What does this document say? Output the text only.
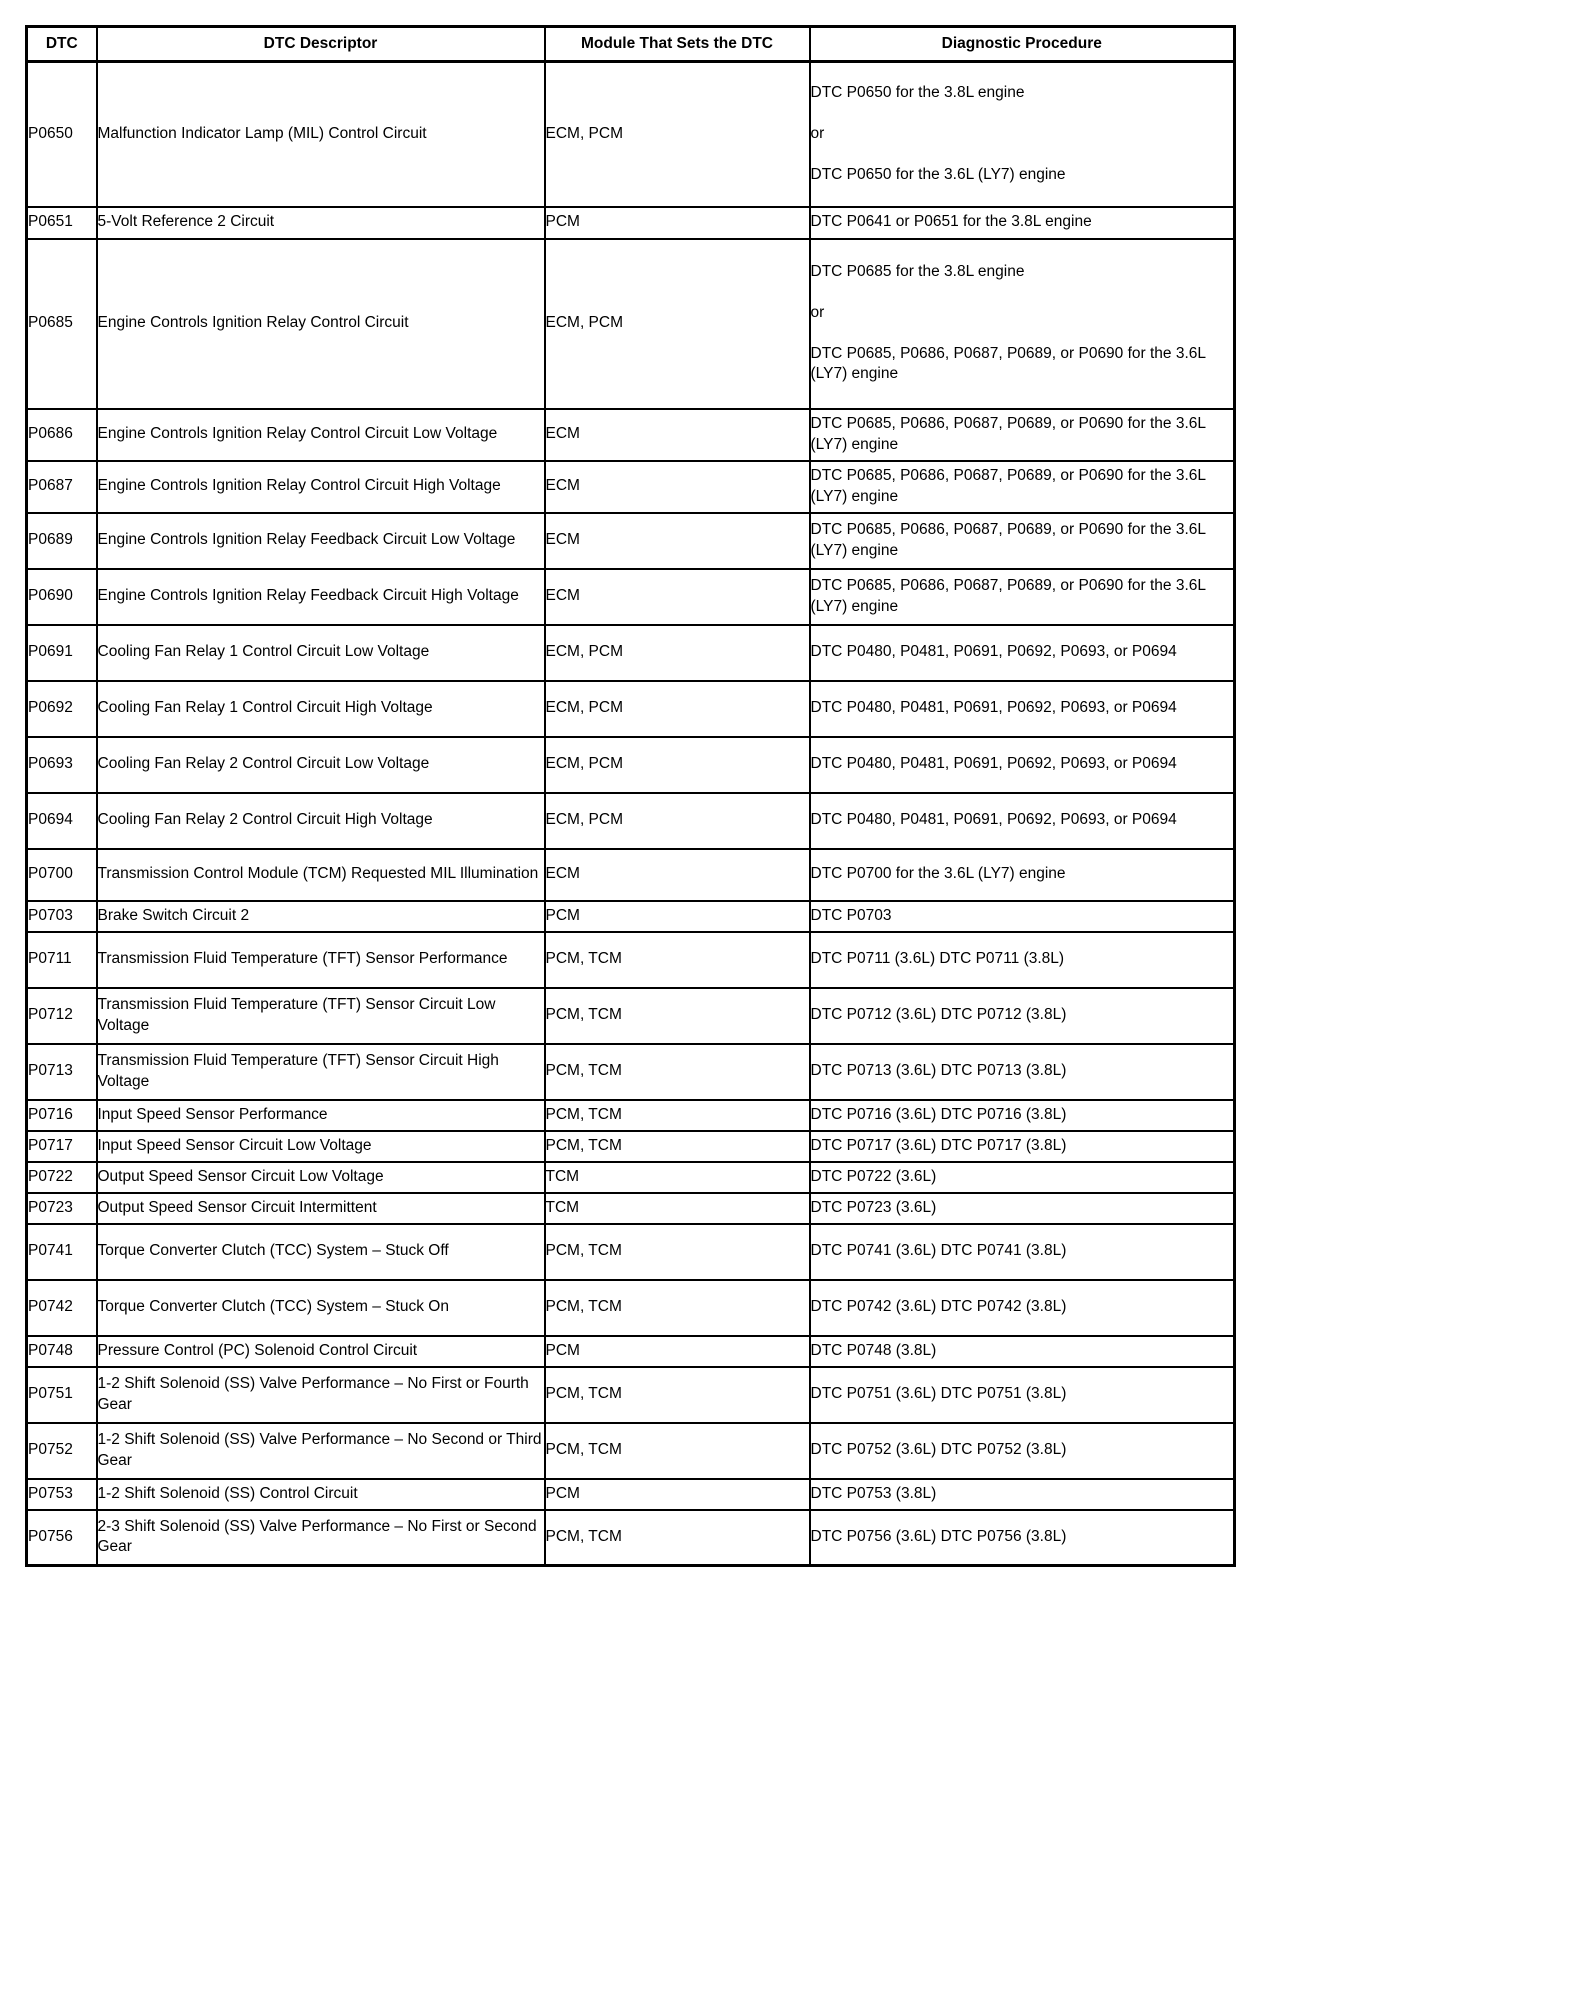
DTC	DTC Descriptor	Module That Sets the DTC	Diagnostic Procedure
P0650	Malfunction Indicator Lamp (MIL) Control Circuit	ECM, PCM	DTC P0650 for the 3.8L engine
or
DTC P0650 for the 3.6L (LY7) engine

P0651	5-Volt Reference 2 Circuit	PCM	DTC P0641 or P0651 for the 3.8L engine
P0685	Engine Controls Ignition Relay Control Circuit	ECM, PCM	DTC P0685 for the 3.8L engine
or
DTC P0685, P0686, P0687, P0689, or P0690 for the 3.6L (LY7) engine

P0686	Engine Controls Ignition Relay Control Circuit Low Voltage	ECM	DTC P0685, P0686, P0687, P0689, or P0690 for the 3.6L (LY7) engine
P0687	Engine Controls Ignition Relay Control Circuit High Voltage	ECM	DTC P0685, P0686, P0687, P0689, or P0690 for the 3.6L (LY7) engine
P0689	Engine Controls Ignition Relay Feedback Circuit Low Voltage	ECM	DTC P0685, P0686, P0687, P0689, or P0690 for the 3.6L (LY7) engine
P0690	Engine Controls Ignition Relay Feedback Circuit High Voltage	ECM	DTC P0685, P0686, P0687, P0689, or P0690 for the 3.6L (LY7) engine
P0691	Cooling Fan Relay 1 Control Circuit Low Voltage	ECM, PCM	DTC P0480, P0481, P0691, P0692, P0693, or P0694
P0692	Cooling Fan Relay 1 Control Circuit High Voltage	ECM, PCM	DTC P0480, P0481, P0691, P0692, P0693, or P0694
P0693	Cooling Fan Relay 2 Control Circuit Low Voltage	ECM, PCM	DTC P0480, P0481, P0691, P0692, P0693, or P0694
P0694	Cooling Fan Relay 2 Control Circuit High Voltage	ECM, PCM	DTC P0480, P0481, P0691, P0692, P0693, or P0694
P0700	Transmission Control Module (TCM) Requested MIL Illumination	ECM	DTC P0700 for the 3.6L (LY7) engine
P0703	Brake Switch Circuit 2	PCM	DTC P0703
P0711	Transmission Fluid Temperature (TFT) Sensor Performance	PCM, TCM	DTC P0711 (3.6L) DTC P0711 (3.8L)
P0712	Transmission Fluid Temperature (TFT) Sensor Circuit Low Voltage	PCM, TCM	DTC P0712 (3.6L) DTC P0712 (3.8L)
P0713	Transmission Fluid Temperature (TFT) Sensor Circuit High Voltage	PCM, TCM	DTC P0713 (3.6L) DTC P0713 (3.8L)
P0716	Input Speed Sensor Performance	PCM, TCM	DTC P0716 (3.6L) DTC P0716 (3.8L)
P0717	Input Speed Sensor Circuit Low Voltage	PCM, TCM	DTC P0717 (3.6L) DTC P0717 (3.8L)
P0722	Output Speed Sensor Circuit Low Voltage	TCM	DTC P0722 (3.6L)
P0723	Output Speed Sensor Circuit Intermittent	TCM	DTC P0723 (3.6L)
P0741	Torque Converter Clutch (TCC) System – Stuck Off	PCM, TCM	DTC P0741 (3.6L) DTC P0741 (3.8L)
P0742	Torque Converter Clutch (TCC) System – Stuck On	PCM, TCM	DTC P0742 (3.6L) DTC P0742 (3.8L)
P0748	Pressure Control (PC) Solenoid Control Circuit	PCM	DTC P0748 (3.8L)
P0751	1-2 Shift Solenoid (SS) Valve Performance – No First or Fourth Gear	PCM, TCM	DTC P0751 (3.6L) DTC P0751 (3.8L)
P0752	1-2 Shift Solenoid (SS) Valve Performance – No Second or Third Gear	PCM, TCM	DTC P0752 (3.6L) DTC P0752 (3.8L)
P0753	1-2 Shift Solenoid (SS) Control Circuit	PCM	DTC P0753 (3.8L)
P0756	2-3 Shift Solenoid (SS) Valve Performance – No First or Second Gear	PCM, TCM	DTC P0756 (3.6L) DTC P0756 (3.8L)
